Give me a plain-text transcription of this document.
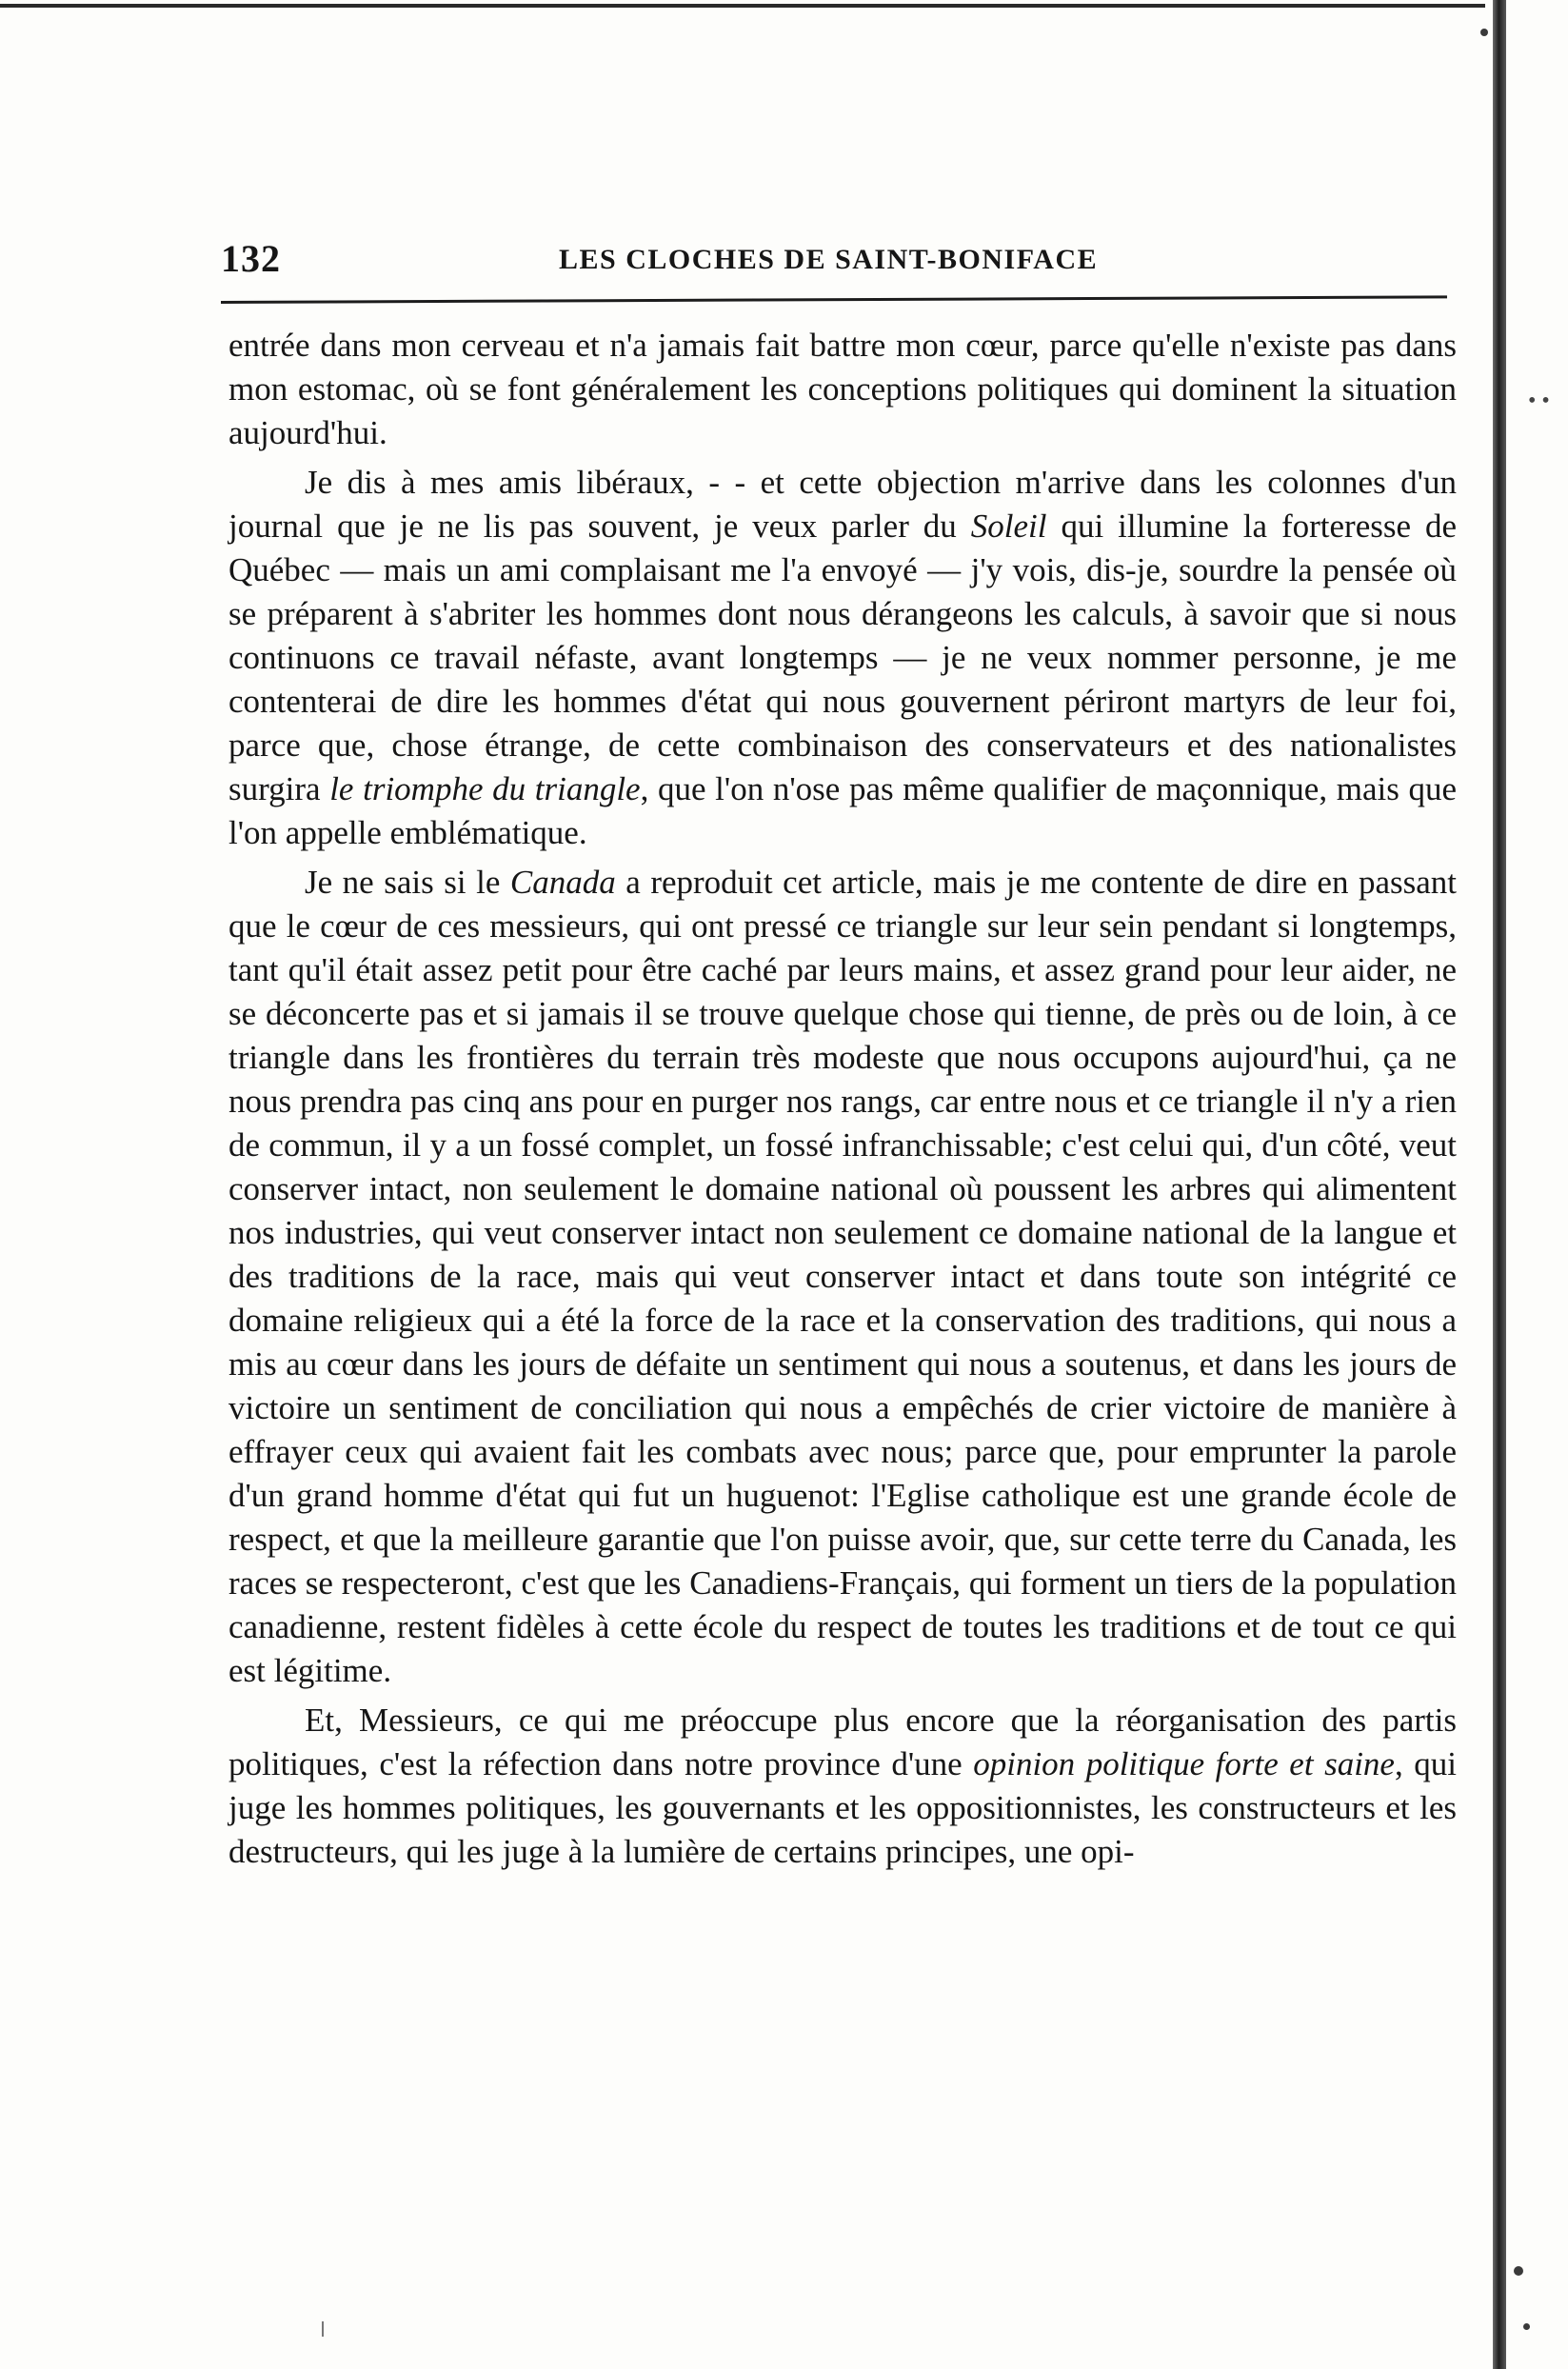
132	LES CLOCHES DE SAINT-BONIFACE

entrée dans mon cerveau et n'a jamais fait battre mon cœur, parce qu'elle n'existe pas dans mon estomac, où se font généralement les conceptions politiques qui dominent la situation aujourd'hui.

Je dis à mes amis libéraux, - - et cette objection m'arrive dans les colonnes d'un journal que je ne lis pas souvent, je veux parler du Soleil qui illumine la forteresse de Québec — mais un ami complaisant me l'a envoyé — j'y vois, dis-je, sourdre la pensée où se préparent à s'abriter les hommes dont nous dérangeons les calculs, à savoir que si nous continuons ce travail néfaste, avant longtemps — je ne veux nommer personne, je me contenterai de dire les hommes d'état qui nous gouvernent périront martyrs de leur foi, parce que, chose étrange, de cette combinaison des conservateurs et des nationalistes surgira le triomphe du triangle, que l'on n'ose pas même qualifier de maçonnique, mais que l'on appelle emblématique.

Je ne sais si le Canada a reproduit cet article, mais je me contente de dire en passant que le cœur de ces messieurs, qui ont pressé ce triangle sur leur sein pendant si longtemps, tant qu'il était assez petit pour être caché par leurs mains, et assez grand pour leur aider, ne se déconcerte pas et si jamais il se trouve quelque chose qui tienne, de près ou de loin, à ce triangle dans les frontières du terrain très modeste que nous occupons aujourd'hui, ça ne nous prendra pas cinq ans pour en purger nos rangs, car entre nous et ce triangle il n'y a rien de commun, il y a un fossé complet, un fossé infranchissable; c'est celui qui, d'un côté, veut conserver intact, non seulement le domaine national où poussent les arbres qui alimentent nos industries, qui veut conserver intact non seulement ce domaine national de la langue et des traditions de la race, mais qui veut conserver intact et dans toute son intégrité ce domaine religieux qui a été la force de la race et la conservation des traditions, qui nous a mis au cœur dans les jours de défaite un sentiment qui nous a soutenus, et dans les jours de victoire un sentiment de conciliation qui nous a empêchés de crier victoire de manière à effrayer ceux qui avaient fait les combats avec nous; parce que, pour emprunter la parole d'un grand homme d'état qui fut un huguenot: l'Eglise catholique est une grande école de respect, et que la meilleure garantie que l'on puisse avoir, que, sur cette terre du Canada, les races se respecteront, c'est que les Canadiens-Français, qui forment un tiers de la population canadienne, restent fidèles à cette école du respect de toutes les traditions et de tout ce qui est légitime.

Et, Messieurs, ce qui me préoccupe plus encore que la réorganisation des partis politiques, c'est la réfection dans notre province d'une opinion politique forte et saine, qui juge les hommes politiques, les gouvernants et les oppositionnistes, les constructeurs et les destructeurs, qui les juge à la lumière de certains principes, une opi-

• •
